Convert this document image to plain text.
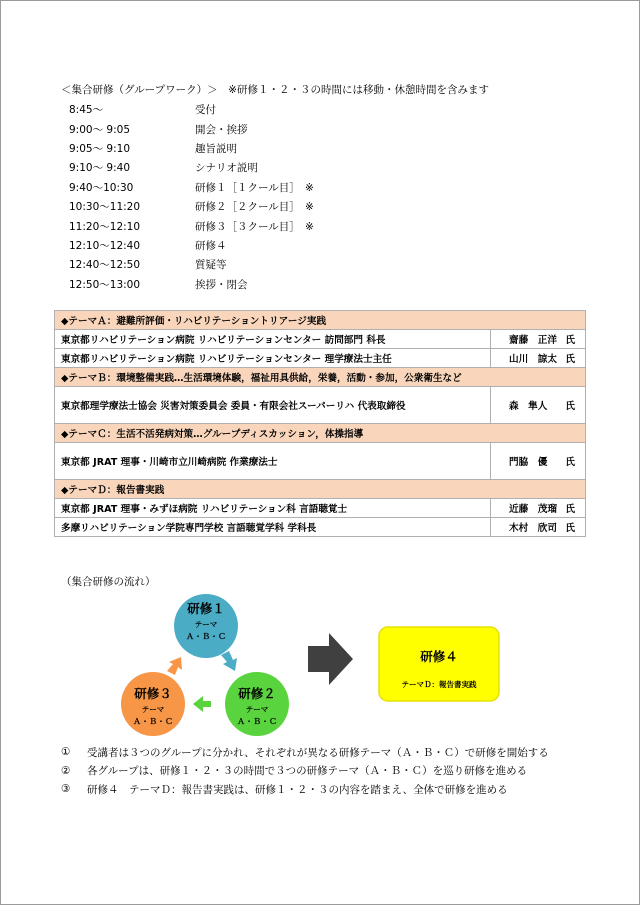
＜集合研修（グループワーク）＞　※研修１・２・３の時間には移動・休憩時間を含みます
8:45～	受付
9:00～ 9:05	開会・挨拶
9:05～ 9:10	趣旨説明
9:10～ 9:40	シナリオ説明
9:40～10:30	研修１［１クール目］　※
10:30～11:20	研修２［２クール目］　※
11:20～12:10	研修３［３クール目］　※
12:10～12:40	研修４
12:40～12:50	質疑等
12:50～13:00	挨拶・閉会
◆テーマＡ：避難所評価・リハビリテーショントリアージ実践	
東京都リハビリテーション病院 リハビリテーションセンター 訪問部門 科長	齋藤　正洋 氏

東京都リハビリテーション病院 リハビリテーションセンター 理学療法士主任	山川　諒太 氏

◆テーマＢ：環境整備実践…生活環境体験，福祉用具供給，栄養，活動・参加，公衆衛生など	
東京都理学療法士協会 災害対策委員会 委員・有限会社スーパーリハ 代表取締役	森　隼人 氏

◆テーマＣ：生活不活発病対策…グループディスカッション，体操指導	
東京都 JRAT 理事・川崎市立川崎病院 作業療法士	門脇　優 氏

◆テーマＤ：報告書実践	
東京都 JRAT 理事・みずほ病院 リハビリテーション科 言語聴覚士	近藤　茂瑠 氏

多摩リハビリテーション学院専門学校 言語聴覚学科 学科長	木村　欣司 氏
（集合研修の流れ）
研修１
テーマ
Ａ・Ｂ・Ｃ
研修２
テーマ
Ａ・Ｂ・Ｃ
研修３
テーマ
Ａ・Ｂ・Ｃ
研修４
テーマＤ：報告書実践
①	受講者は３つのグループに分かれ、それぞれが異なる研修テーマ（Ａ・Ｂ・Ｃ）で研修を開始する
②	各グループは、研修１・２・３の時間で３つの研修テーマ（Ａ・Ｂ・Ｃ）を巡り研修を進める
③	研修４　テーマＤ：報告書実践は、研修１・２・３の内容を踏まえ、全体で研修を進める
